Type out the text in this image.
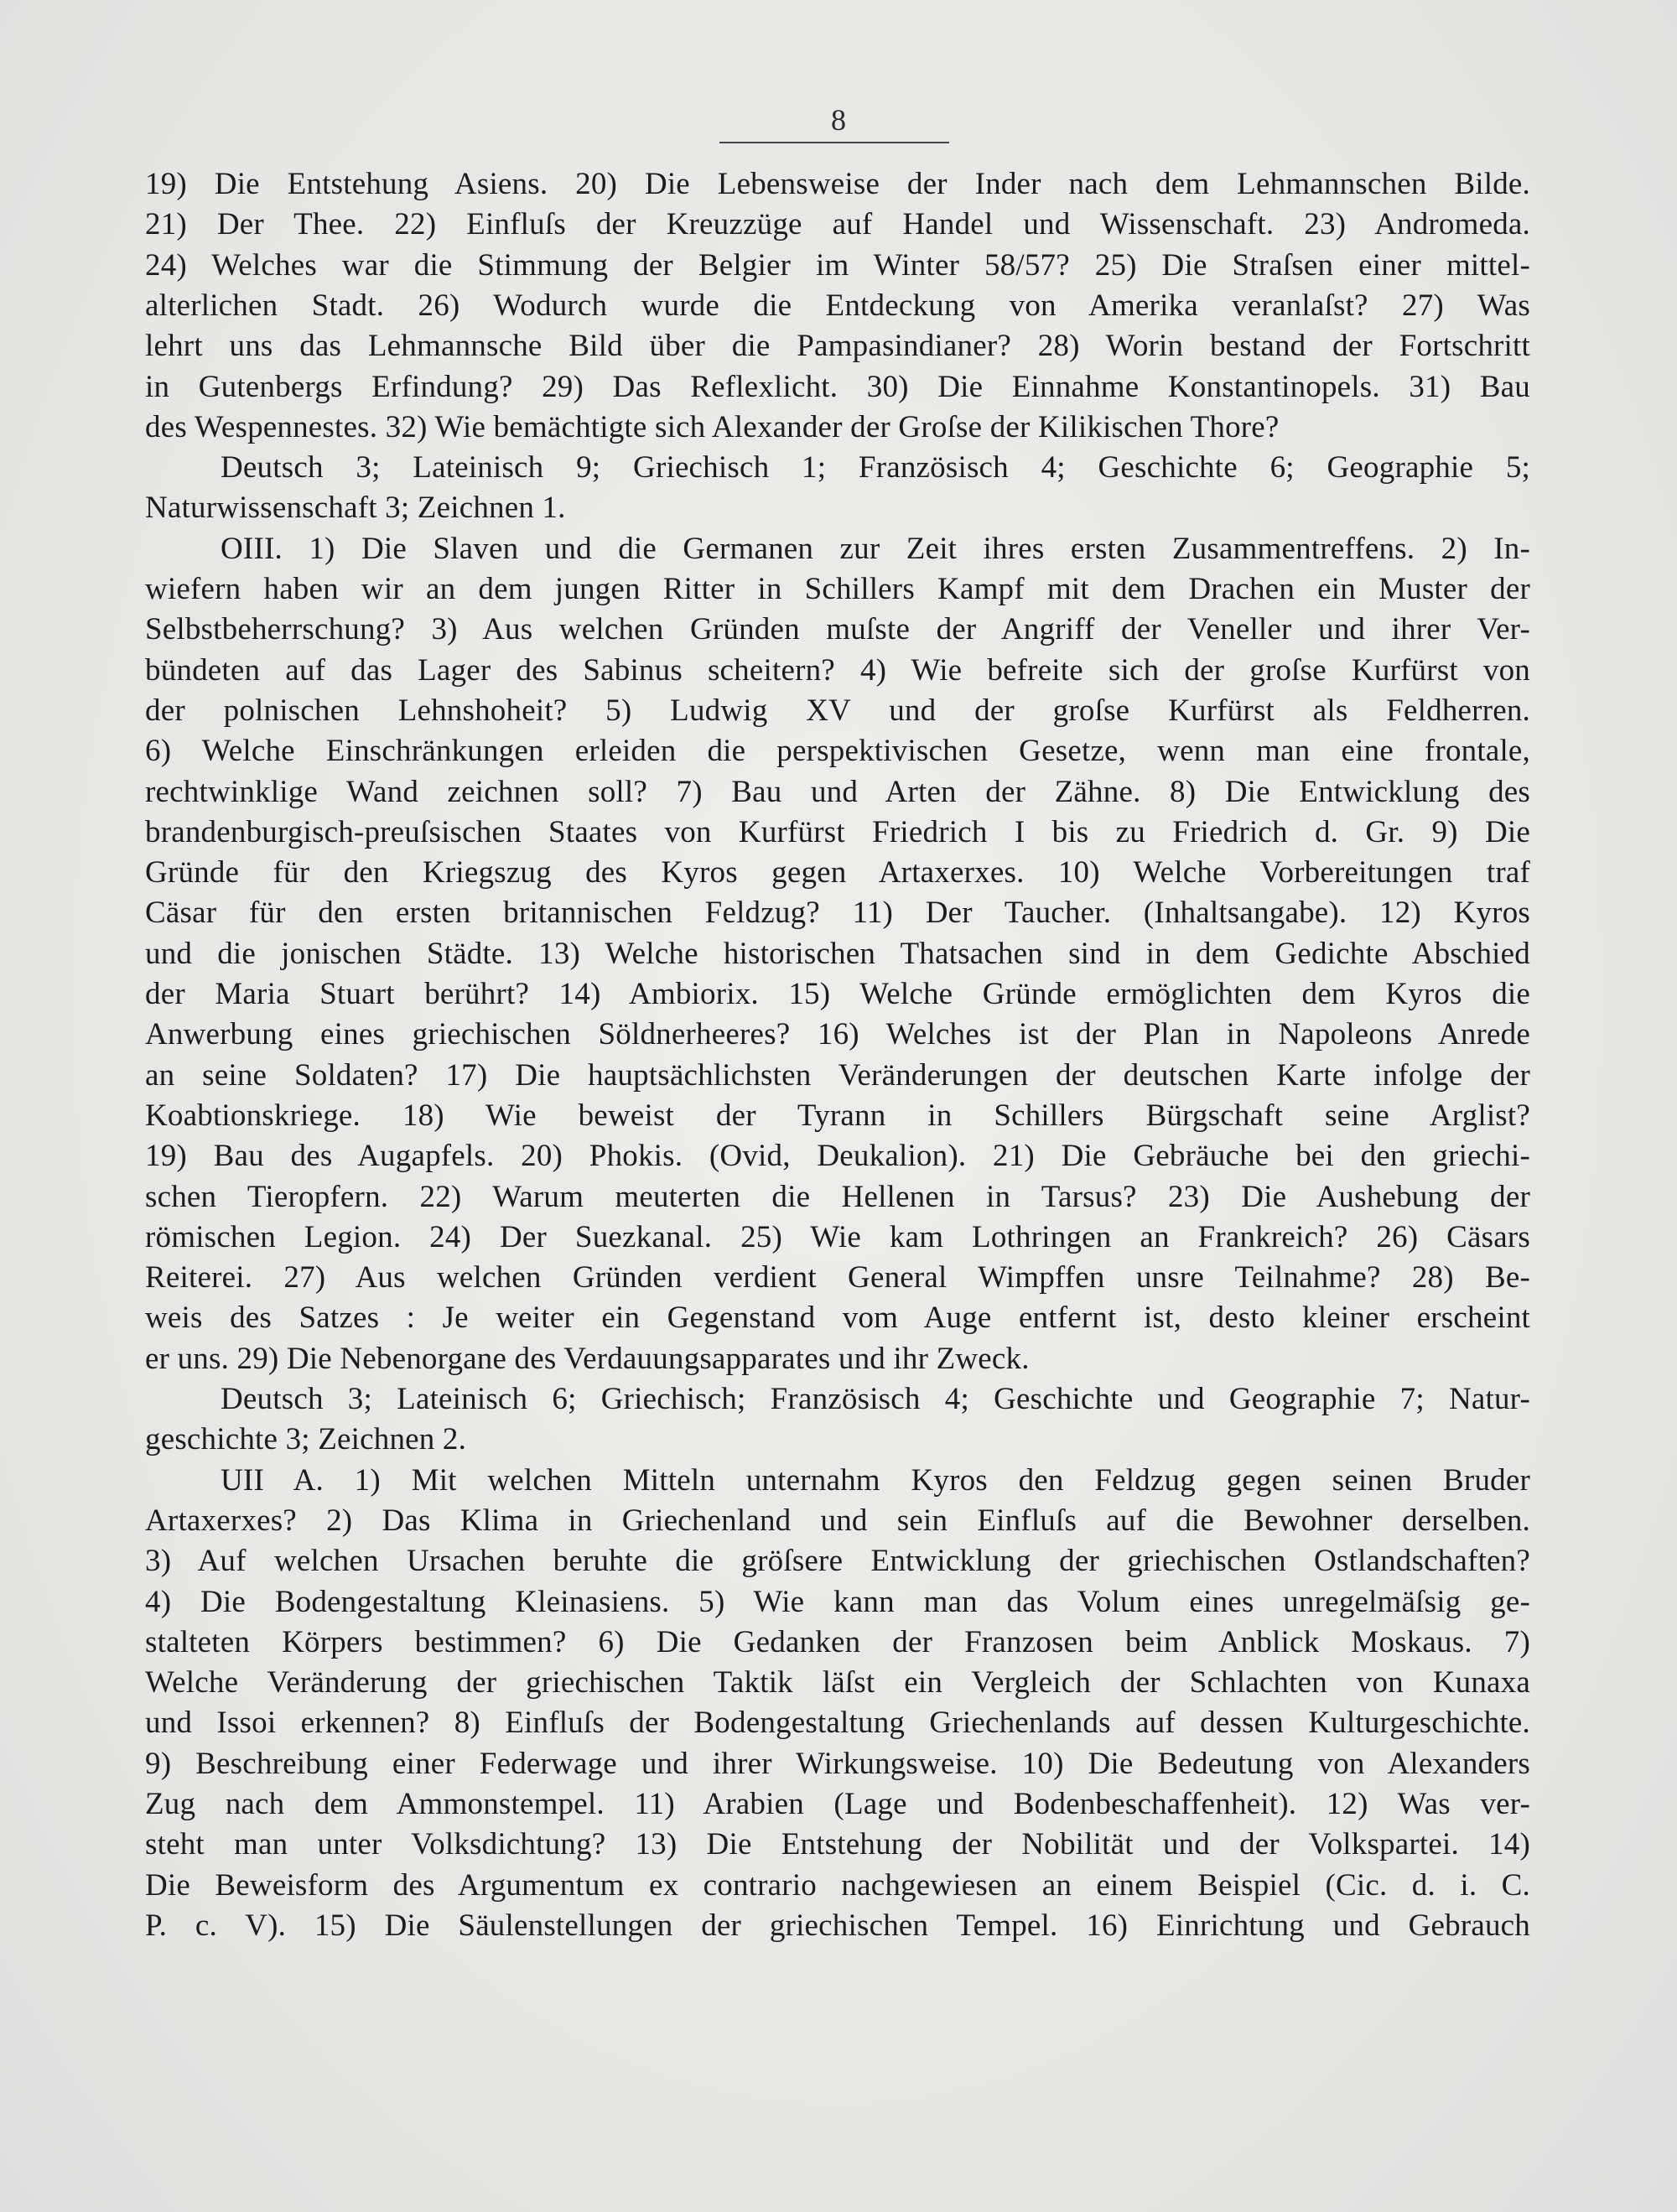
8
19) Die Entstehung Asiens. 20) Die Lebensweise der Inder nach dem Lehmannschen Bilde.
21) Der Thee. 22) Einfluſs der Kreuzzüge auf Handel und Wissenschaft. 23) Andromeda.
24) Welches war die Stimmung der Belgier im Winter 58/57? 25) Die Straſsen einer mittel-
alterlichen Stadt. 26) Wodurch wurde die Entdeckung von Amerika veranlaſst? 27) Was
lehrt uns das Lehmannsche Bild über die Pampasindianer? 28) Worin bestand der Fortschritt
in Gutenbergs Erfindung? 29) Das Reflexlicht. 30) Die Einnahme Konstantinopels. 31) Bau
des Wespennestes. 32) Wie bemächtigte sich Alexander der Groſse der Kilikischen Thore?
Deutsch 3; Lateinisch 9; Griechisch 1; Französisch 4; Geschichte 6; Geographie 5;
Naturwissenschaft 3; Zeichnen 1.
OIII. 1) Die Slaven und die Germanen zur Zeit ihres ersten Zusammentreffens. 2) In-
wiefern haben wir an dem jungen Ritter in Schillers Kampf mit dem Drachen ein Muster der
Selbstbeherrschung? 3) Aus welchen Gründen muſste der Angriff der Veneller und ihrer Ver-
bündeten auf das Lager des Sabinus scheitern? 4) Wie befreite sich der groſse Kurfürst von
der polnischen Lehnshoheit? 5) Ludwig XV und der groſse Kurfürst als Feldherren.
6) Welche Einschränkungen erleiden die perspektivischen Gesetze, wenn man eine frontale,
rechtwinklige Wand zeichnen soll? 7) Bau und Arten der Zähne. 8) Die Entwicklung des
brandenburgisch-preuſsischen Staates von Kurfürst Friedrich I bis zu Friedrich d. Gr. 9) Die
Gründe für den Kriegszug des Kyros gegen Artaxerxes. 10) Welche Vorbereitungen traf
Cäsar für den ersten britannischen Feldzug? 11) Der Taucher. (Inhaltsangabe). 12) Kyros
und die jonischen Städte. 13) Welche historischen Thatsachen sind in dem Gedichte Abschied
der Maria Stuart berührt? 14) Ambiorix. 15) Welche Gründe ermöglichten dem Kyros die
Anwerbung eines griechischen Söldnerheeres? 16) Welches ist der Plan in Napoleons Anrede
an seine Soldaten? 17) Die hauptsächlichsten Veränderungen der deutschen Karte infolge der
Koabtionskriege. 18) Wie beweist der Tyrann in Schillers Bürgschaft seine Arglist?
19) Bau des Augapfels. 20) Phokis. (Ovid, Deukalion). 21) Die Gebräuche bei den griechi-
schen Tieropfern. 22) Warum meuterten die Hellenen in Tarsus? 23) Die Aushebung der
römischen Legion. 24) Der Suezkanal. 25) Wie kam Lothringen an Frankreich? 26) Cäsars
Reiterei. 27) Aus welchen Gründen verdient General Wimpffen unsre Teilnahme? 28) Be-
weis des Satzes : Je weiter ein Gegenstand vom Auge entfernt ist, desto kleiner erscheint
er uns. 29) Die Nebenorgane des Verdauungsapparates und ihr Zweck.
Deutsch 3; Lateinisch 6; Griechisch; Französisch 4; Geschichte und Geographie 7; Natur-
geschichte 3; Zeichnen 2.
UII A. 1) Mit welchen Mitteln unternahm Kyros den Feldzug gegen seinen Bruder
Artaxerxes? 2) Das Klima in Griechenland und sein Einfluſs auf die Bewohner derselben.
3) Auf welchen Ursachen beruhte die gröſsere Entwicklung der griechischen Ostlandschaften?
4) Die Bodengestaltung Kleinasiens. 5) Wie kann man das Volum eines unregelmäſsig ge-
stalteten Körpers bestimmen? 6) Die Gedanken der Franzosen beim Anblick Moskaus. 7)
Welche Veränderung der griechischen Taktik läſst ein Vergleich der Schlachten von Kunaxa
und Issoi erkennen? 8) Einfluſs der Bodengestaltung Griechenlands auf dessen Kulturgeschichte.
9) Beschreibung einer Federwage und ihrer Wirkungsweise. 10) Die Bedeutung von Alexanders
Zug nach dem Ammonstempel. 11) Arabien (Lage und Bodenbeschaffenheit). 12) Was ver-
steht man unter Volksdichtung? 13) Die Entstehung der Nobilität und der Volkspartei. 14)
Die Beweisform des Argumentum ex contrario nachgewiesen an einem Beispiel (Cic. d. i. C.
P. c. V). 15) Die Säulenstellungen der griechischen Tempel. 16) Einrichtung und Gebrauch
